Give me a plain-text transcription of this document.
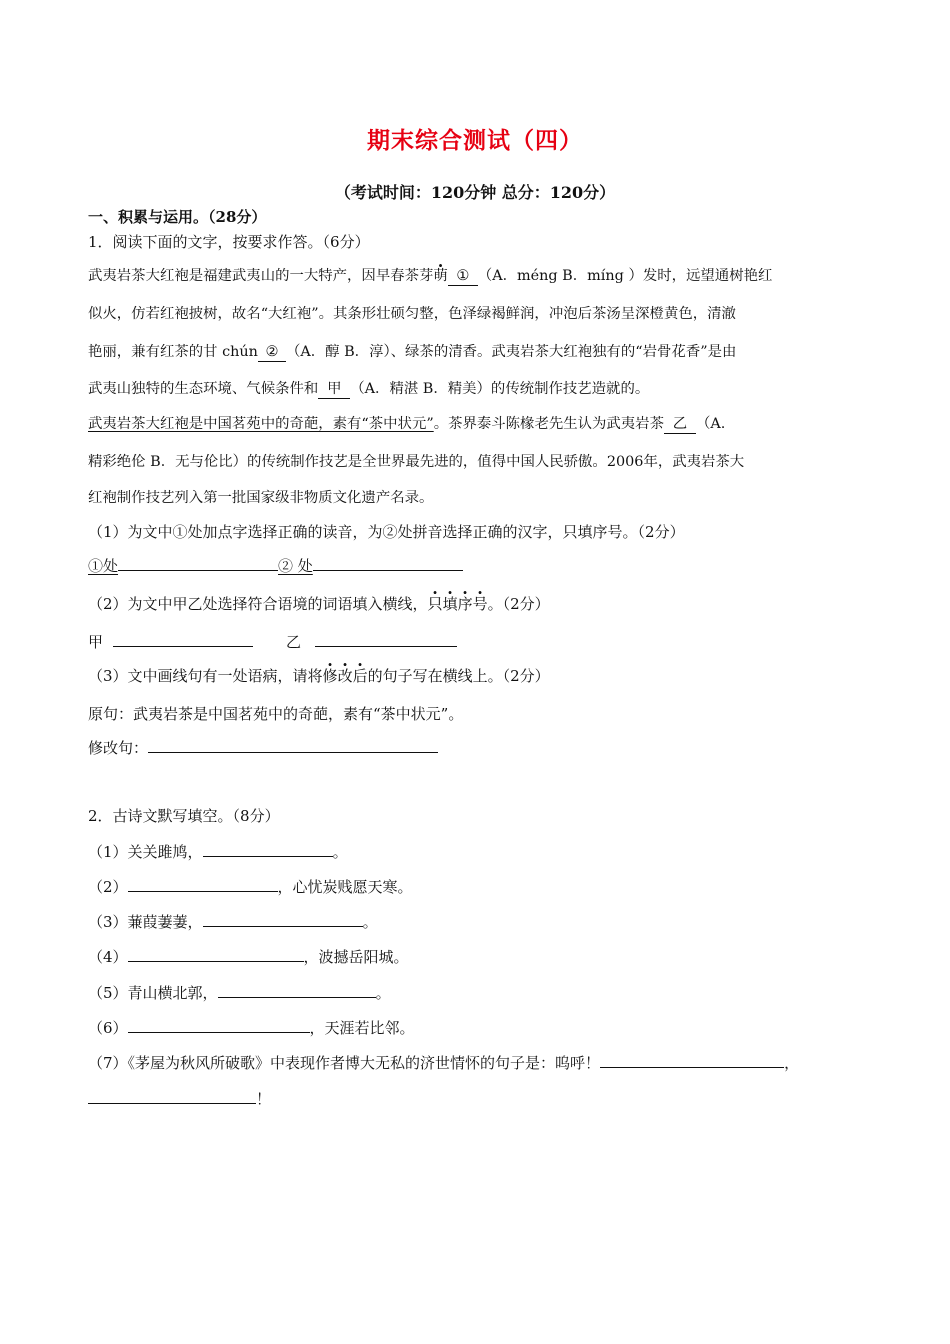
期末综合测试（四）
（考试时间：120分钟 总分：120分）
一、积累与运用。（28分）
1．阅读下面的文字，按要求作答。（6分）
武夷岩茶大红袍是福建武夷山的一大特产，因早春茶芽萌 ① （A．méng B．míng ）发时，远望通树艳红
似火，仿若红袍披树，故名“大红袍”。其条形壮硕匀整，色泽绿褐鲜润，冲泡后茶汤呈深橙黄色，清澈
艳丽，兼有红茶的甘 chún ② （A．醇 B．淳）、绿茶的清香。武夷岩茶大红袍独有的“岩骨花香”是由
武夷山独特的生态环境、气候条件和 甲 （A．精湛 B．精美）的传统制作技艺造就的。
武夷岩茶大红袍是中国茗苑中的奇葩，素有“茶中状元”。茶界泰斗陈椽老先生认为武夷岩茶 乙 （A.
精彩绝伦 B．无与伦比）的传统制作技艺是全世界最先进的，值得中国人民骄傲。2006年，武夷岩茶大
红袍制作技艺列入第一批国家级非物质文化遗产名录。
（1）为文中①处加点字选择正确的读音，为②处拼音选择正确的汉字，只填序号。（2分）
①处	② 处
（2）为文中甲乙处选择符合语境的词语填入横线，只填序号。（2分）
甲	乙
（3）文中画线句有一处语病，请将修改后的句子写在横线上。（2分）
原句：武夷岩茶是中国茗苑中的奇葩，素有“茶中状元”。
修改句：
2．古诗文默写填空。（8分）
（1）关关雎鸠，	。
（2）	，心忧炭贱愿天寒。
（3）蒹葭萋萋，	。
（4）	，波撼岳阳城。
（5）青山横北郭，	。
（6）	，天涯若比邻。
（7）《茅屋为秋风所破歌》中表现作者博大无私的济世情怀的句子是：呜呼！	，
！
